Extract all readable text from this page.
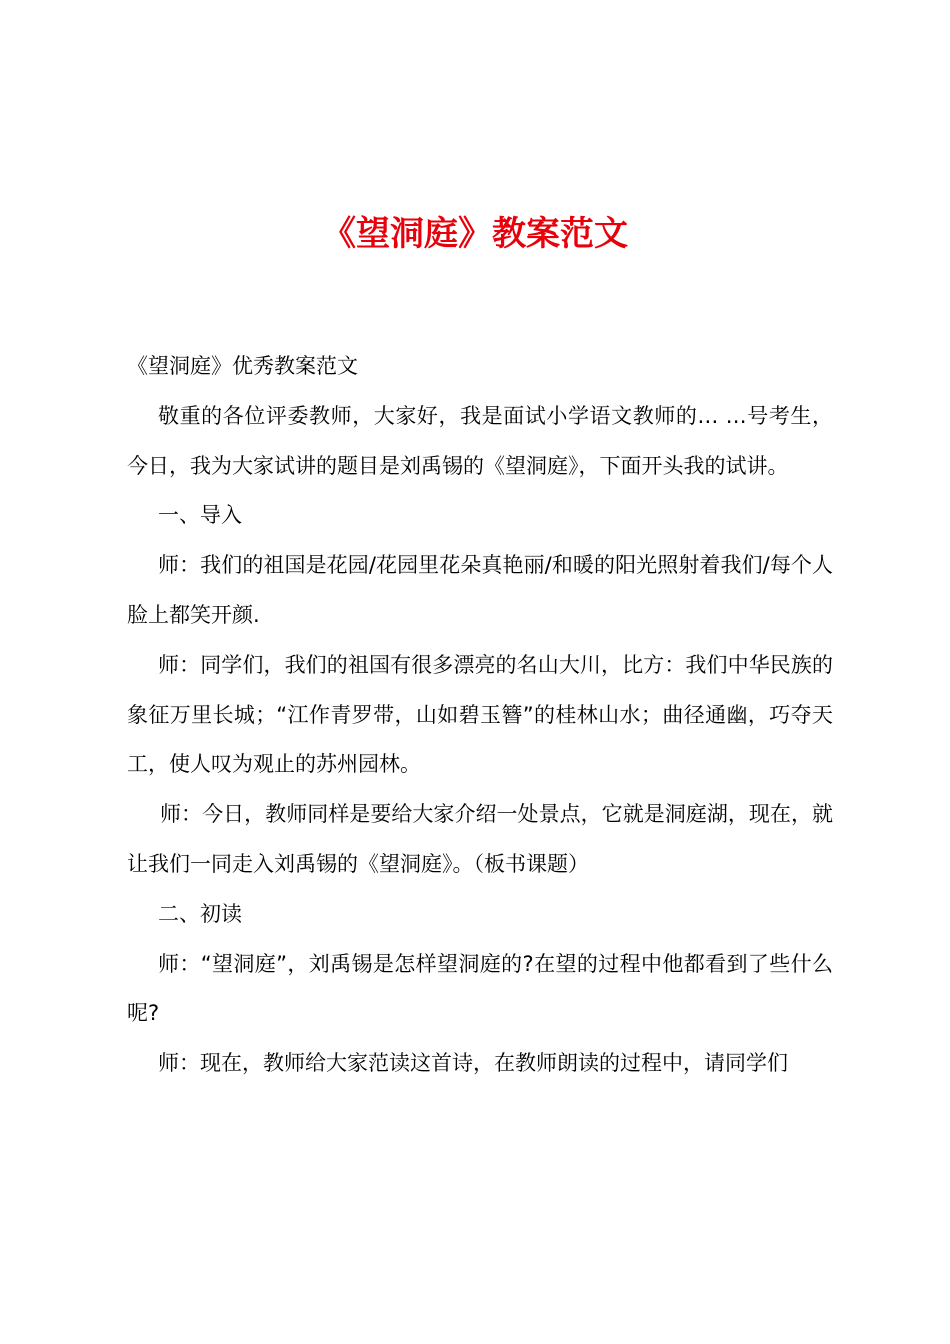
《望洞庭》教案范文

《望洞庭》优秀教案范文

敬重的各位评委教师，大家好，我是面试小学语文教师的… …号考生，今日，我为大家试讲的题目是刘禹锡的《望洞庭》，下面开头我的试讲。

一、导入

师：我们的祖国是花园/花园里花朵真艳丽/和暖的阳光照射着我们/每个人脸上都笑开颜.

师：同学们，我们的祖国有很多漂亮的名山大川，比方：我们中华民族的象征万里长城；“江作青罗带，山如碧玉簪”的桂林山水；曲径通幽，巧夺天工，使人叹为观止的苏州园林。

师：今日，教师同样是要给大家介绍一处景点，它就是洞庭湖，现在，就让我们一同走入刘禹锡的《望洞庭》。（板书课题）

二、初读

师：“望洞庭”，刘禹锡是怎样望洞庭的?在望的过程中他都看到了些什么呢?

师：现在，教师给大家范读这首诗，在教师朗读的过程中，请同学们
